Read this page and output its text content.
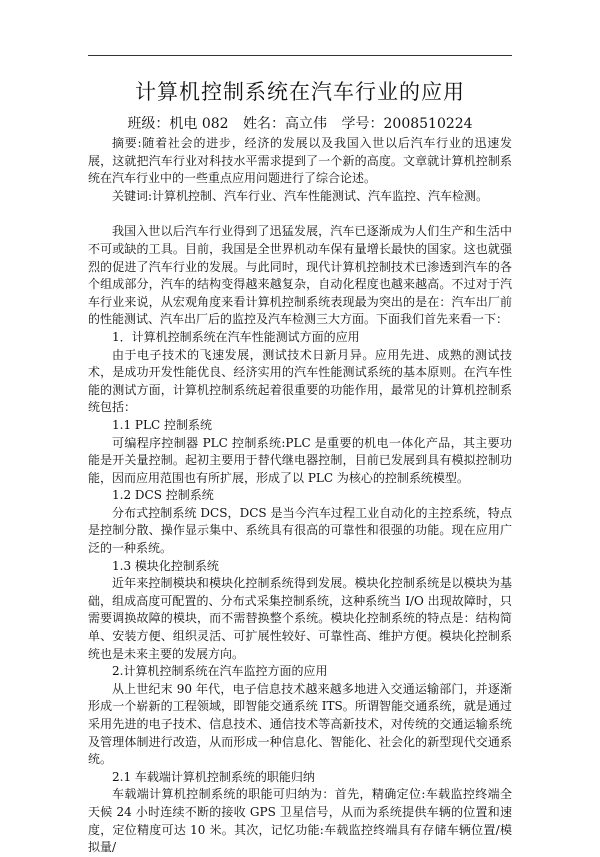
计算机控制系统在汽车行业的应用
班级：机电 082 姓名：高立伟 学号：2008510224

摘要:随着社会的进步，经济的发展以及我国入世以后汽车行业的迅速发展，这就把汽车行业对科技水平需求提到了一个新的高度。文章就计算机控制系统在汽车行业中的一些重点应用问题进行了综合论述。

关键词:计算机控制、汽车行业、汽车性能测试、汽车监控、汽车检测。

我国入世以后汽车行业得到了迅猛发展，汽车已逐渐成为人们生产和生活中不可或缺的工具。目前，我国是全世界机动车保有量增长最快的国家。这也就强烈的促进了汽车行业的发展。与此同时，现代计算机控制技术已渗透到汽车的各个组成部分，汽车的结构变得越来越复杂，自动化程度也越来越高。不过对于汽车行业来说，从宏观角度来看计算机控制系统表现最为突出的是在：汽车出厂前的性能测试、汽车出厂后的监控及汽车检测三大方面。下面我们首先来看一下：

1．计算机控制系统在汽车性能测试方面的应用

由于电子技术的飞速发展，测试技术日新月异。应用先进、成熟的测试技术，是成功开发性能优良、经济实用的汽车性能测试系统的基本原则。在汽车性能的测试方面，计算机控制系统起着很重要的功能作用，最常见的计算机控制系统包括：

1.1 PLC 控制系统

可编程序控制器 PLC 控制系统:PLC 是重要的机电一体化产品，其主要功能是开关量控制。起初主要用于替代继电器控制，目前已发展到具有模拟控制功能，因而应用范围也有所扩展，形成了以 PLC 为核心的控制系统模型。

1.2 DCS 控制系统

分布式控制系统 DCS，DCS 是当今汽车过程工业自动化的主控系统，特点是控制分散、操作显示集中、系统具有很高的可靠性和很强的功能。现在应用广泛的一种系统。

1.3 模块化控制系统

近年来控制模块和模块化控制系统得到发展。模块化控制系统是以模块为基础，组成高度可配置的、分布式采集控制系统，这种系统当 I/O 出现故障时，只需要调换故障的模块，而不需替换整个系统。模块化控制系统的特点是：结构简单、安装方便、组织灵活、可扩展性较好、可靠性高、维护方便。模块化控制系统也是未来主要的发展方向。

2.计算机控制系统在汽车监控方面的应用

从上世纪末 90 年代，电子信息技术越来越多地进入交通运输部门，并逐渐形成一个崭新的工程领域，即智能交通系统 ITS。所谓智能交通系统，就是通过采用先进的电子技术、信息技术、通信技术等高新技术，对传统的交通运输系统及管理体制进行改造，从而形成一种信息化、智能化、社会化的新型现代交通系统。

2.1 车载端计算机控制系统的职能归纳

车载端计算机控制系统的职能可归纳为：首先，精确定位:车载监控终端全天候 24 小时连续不断的接收 GPS 卫星信号，从而为系统提供车辆的位置和速度，定位精度可达 10 米。其次，记忆功能:车载监控终端具有存储车辆位置/模拟量/
